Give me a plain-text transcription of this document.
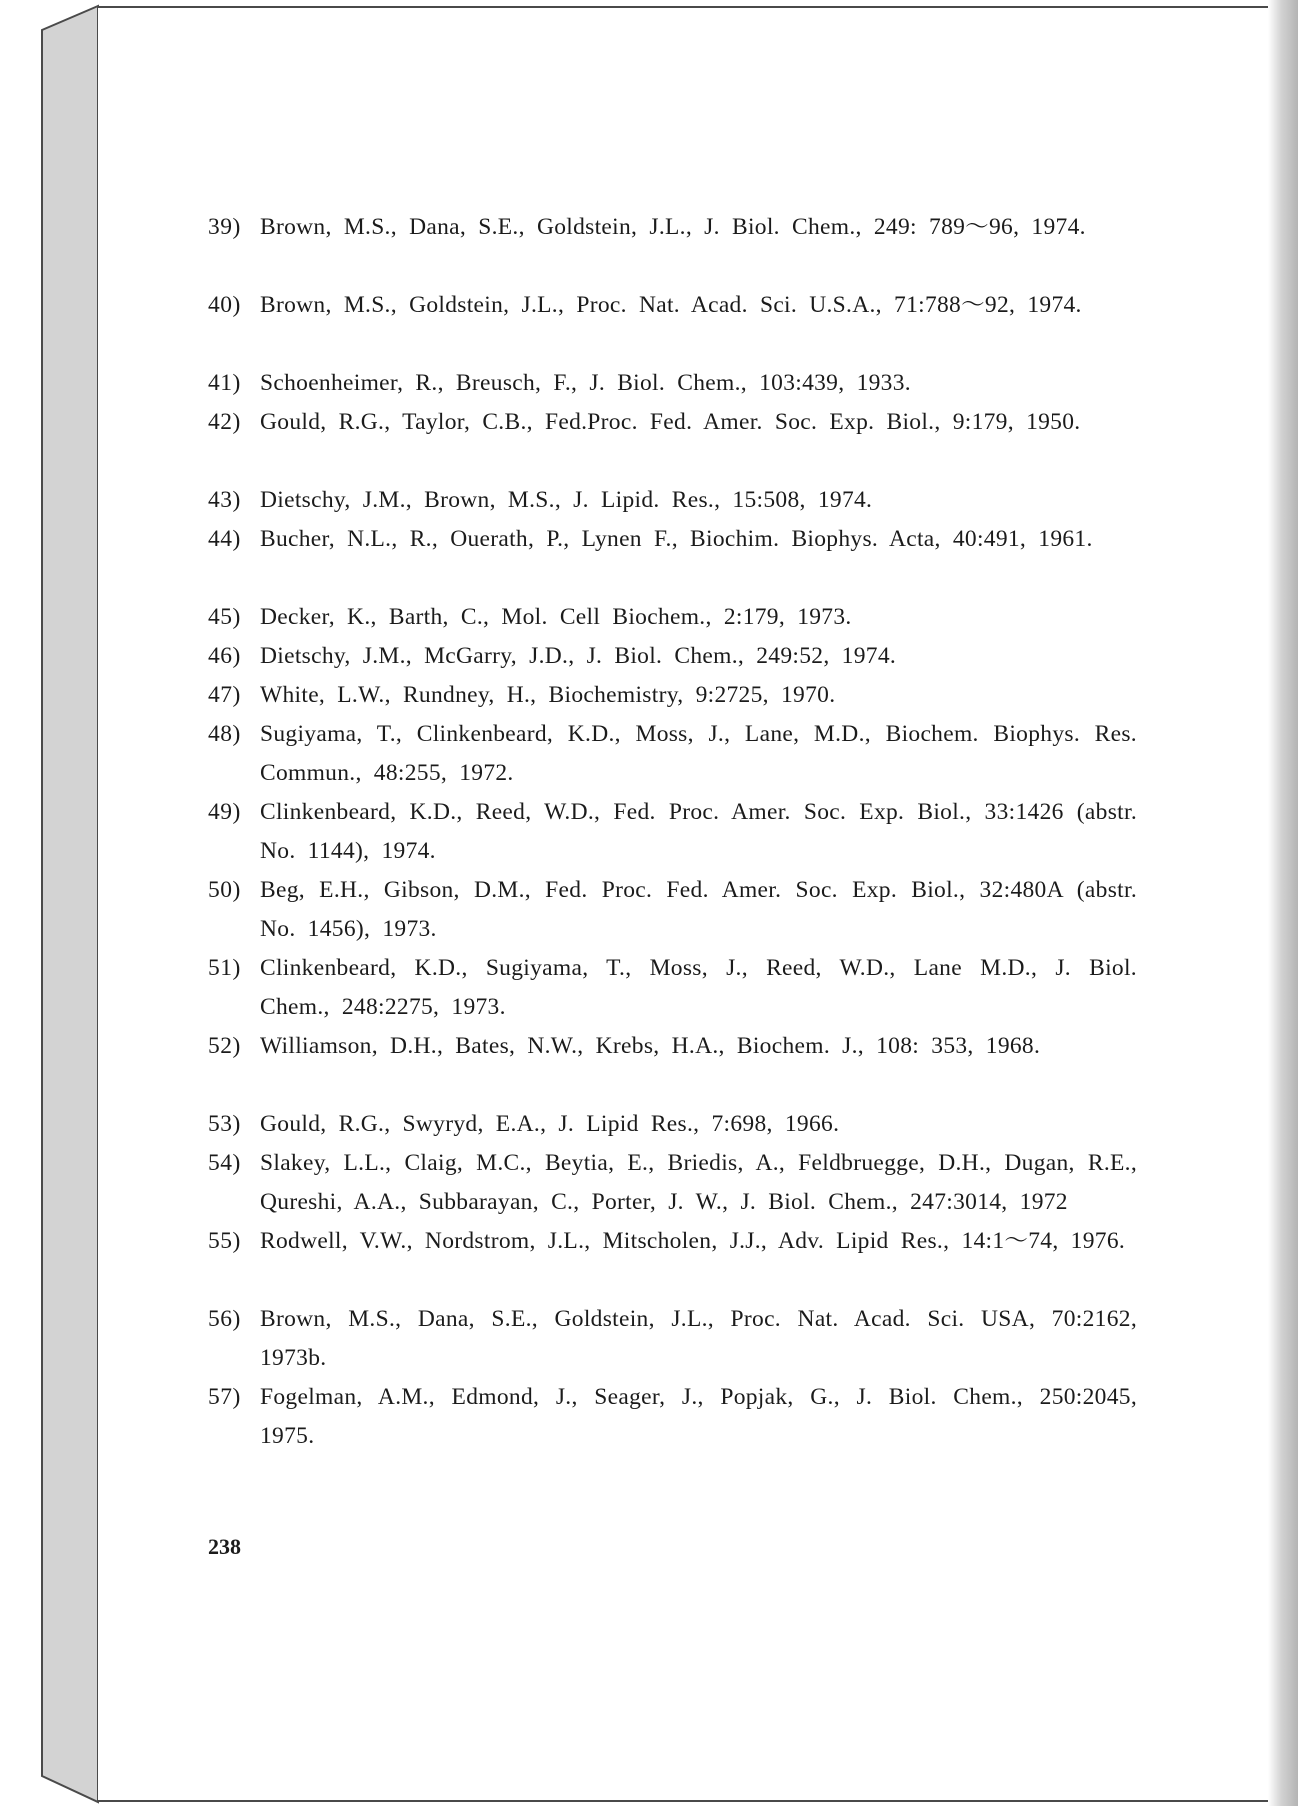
39) Brown, M.S., Dana, S.E., Goldstein, J.L., J. Biol. Chem., 249: 789～96, 1974.
40) Brown, M.S., Goldstein, J.L., Proc. Nat. Acad. Sci. U.S.A., 71:788～92, 1974.
41) Schoenheimer, R., Breusch, F., J. Biol. Chem., 103:439, 1933.
42) Gould, R.G., Taylor, C.B., Fed.Proc. Fed. Amer. Soc. Exp. Biol., 9:179, 1950.
43) Dietschy, J.M., Brown, M.S., J. Lipid. Res., 15:508, 1974.
44) Bucher, N.L., R., Ouerath, P., Lynen F., Biochim. Biophys. Acta, 40:491, 1961.
45) Decker, K., Barth, C., Mol. Cell Biochem., 2:179, 1973.
46) Dietschy, J.M., McGarry, J.D., J. Biol. Chem., 249:52, 1974.
47) White, L.W., Rundney, H., Biochemistry, 9:2725, 1970.
48) Sugiyama, T., Clinkenbeard, K.D., Moss, J., Lane, M.D., Biochem. Biophys. Res. Commun., 48:255, 1972.
49) Clinkenbeard, K.D., Reed, W.D., Fed. Proc. Amer. Soc. Exp. Biol., 33:1426 (abstr. No. 1144), 1974.
50) Beg, E.H., Gibson, D.M., Fed. Proc. Fed. Amer. Soc. Exp. Biol., 32:480A (abstr. No. 1456), 1973.
51) Clinkenbeard, K.D., Sugiyama, T., Moss, J., Reed, W.D., Lane M.D., J. Biol. Chem., 248:2275, 1973.
52) Williamson, D.H., Bates, N.W., Krebs, H.A., Biochem. J., 108: 353, 1968.
53) Gould, R.G., Swyryd, E.A., J. Lipid Res., 7:698, 1966.
54) Slakey, L.L., Claig, M.C., Beytia, E., Briedis, A., Feldbruegge, D.H., Dugan, R.E., Qureshi, A.A., Subbarayan, C., Porter, J. W., J. Biol. Chem., 247:3014, 1972
55) Rodwell, V.W., Nordstrom, J.L., Mitscholen, J.J., Adv. Lipid Res., 14:1～74, 1976.
56) Brown, M.S., Dana, S.E., Goldstein, J.L., Proc. Nat. Acad. Sci. USA, 70:2162, 1973b.
57) Fogelman, A.M., Edmond, J., Seager, J., Popjak, G., J. Biol. Chem., 250:2045, 1975.
238
